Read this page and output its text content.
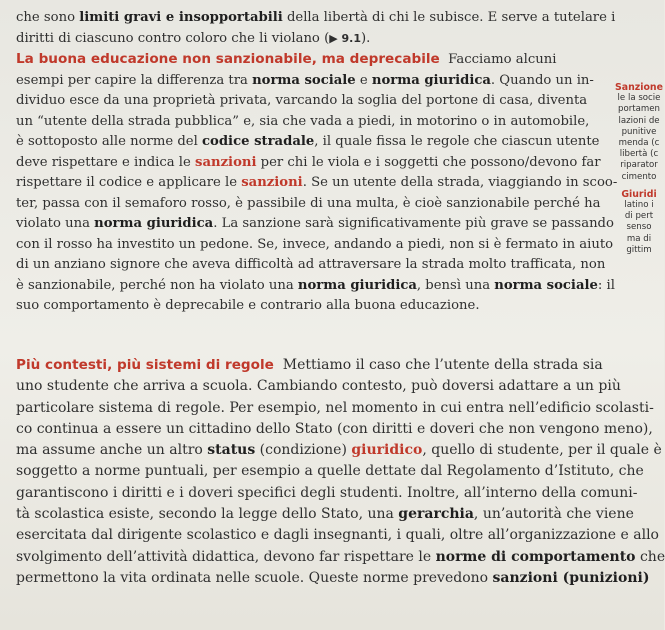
che sono limiti gravi e insopportabili della libertà di chi le subisce. E serve a tutelare i
diritti di ciascuno contro coloro che li violano (▶ 9.1).

La buona educazione non sanzionabile, ma deprecabile Facciamo alcuni
esempi per capire la differenza tra norma sociale e norma giuridica. Quando un in-
dividuo esce da una proprietà privata, varcando la soglia del portone di casa, diventa
un “utente della strada pubblica” e, sia che vada a piedi, in motorino o in automobile,
è sottoposto alle norme del codice stradale, il quale fissa le regole che ciascun utente
deve rispettare e indica le sanzioni per chi le viola e i soggetti che possono/devono far
rispettare il codice e applicare le sanzioni. Se un utente della strada, viaggiando in scoo-
ter, passa con il semaforo rosso, è passibile di una multa, è cioè sanzionabile perché ha
violato una norma giuridica. La sanzione sarà significativamente più grave se passando
con il rosso ha investito un pedone. Se, invece, andando a piedi, non si è fermato in aiuto
di un anziano signore che aveva difficoltà ad attraversare la strada molto trafficata, non
è sanzionabile, perché non ha violato una norma giuridica, bensì una norma sociale: il
suo comportamento è deprecabile e contrario alla buona educazione.

Più contesti, più sistemi di regole Mettiamo il caso che l’utente della strada sia
uno studente che arriva a scuola. Cambiando contesto, può doversi adattare a un più
particolare sistema di regole. Per esempio, nel momento in cui entra nell’edificio scolasti-
co continua a essere un cittadino dello Stato (con diritti e doveri che non vengono meno),
ma assume anche un altro status (condizione) giuridico, quello di studente, per il quale è
soggetto a norme puntuali, per esempio a quelle dettate dal Regolamento d’Istituto, che
garantiscono i diritti e i doveri specifici degli studenti. Inoltre, all’interno della comuni-
tà scolastica esiste, secondo la legge dello Stato, una gerarchia, un’autorità che viene
esercitata dal dirigente scolastico e dagli insegnanti, i quali, oltre all’organizzazione e allo
svolgimento dell’attività didattica, devono far rispettare le norme di comportamento che
permettono la vita ordinata nelle scuole. Queste norme prevedono sanzioni (punizioni)
Sanzione
le la socie
portamen
lazioni de
punitive
menda (c
libertà (c
riparator
cimento
Giuridi
latino i
di pert
senso
ma di
gittim
